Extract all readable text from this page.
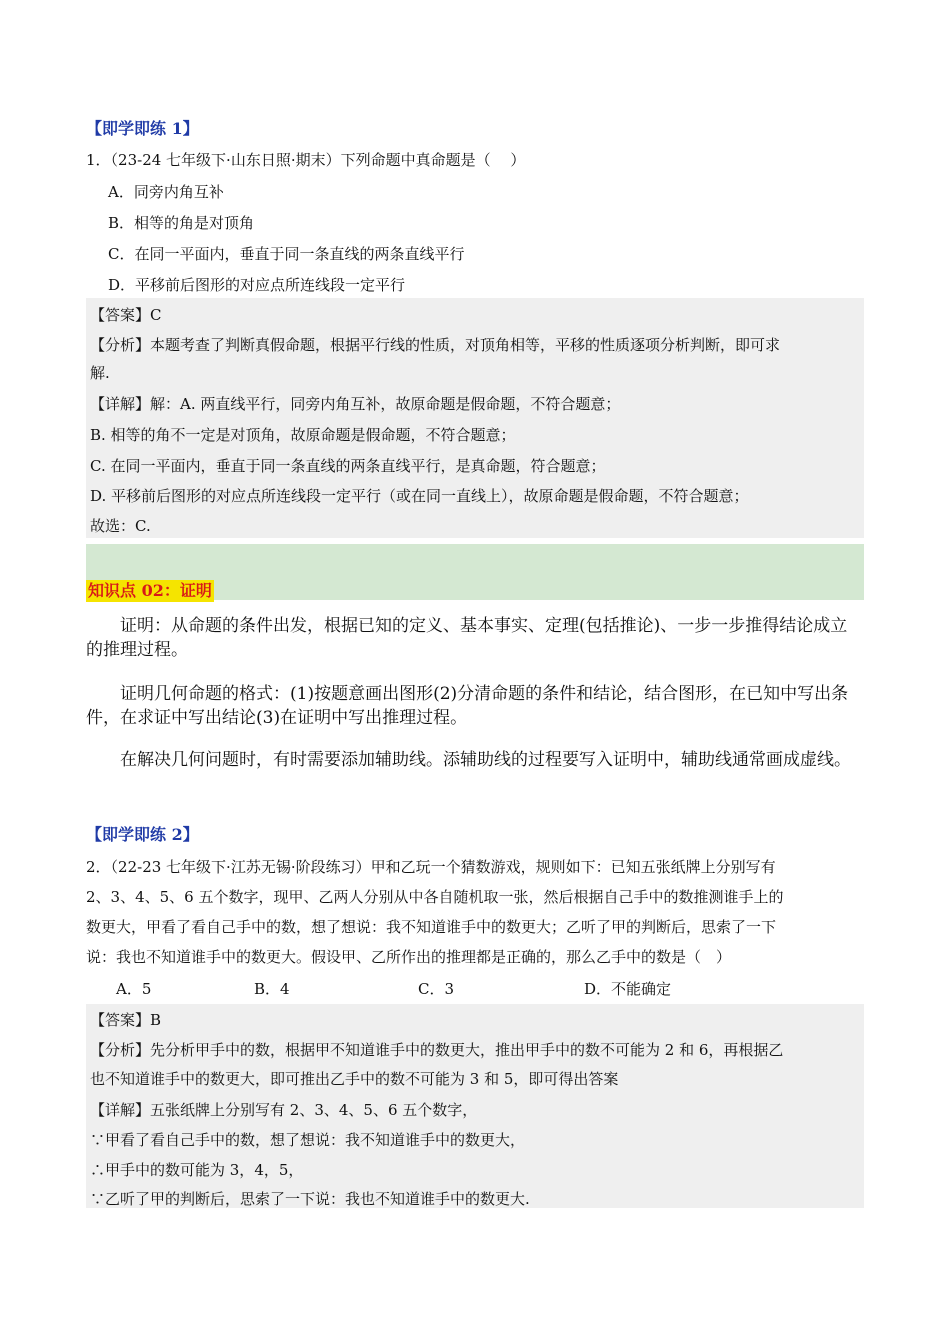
【即学即练 1】
1．（23-24 七年级下·山东日照·期末）下列命题中真命题是（　 ）
A．同旁内角互补
B．相等的角是对顶角
C．在同一平面内，垂直于同一条直线的两条直线平行
D．平移前后图形的对应点所连线段一定平行
【答案】C
【分析】本题考查了判断真假命题，根据平行线的性质，对顶角相等，平移的性质逐项分析判断，即可求
解.
【详解】解：A. 两直线平行，同旁内角互补，故原命题是假命题，不符合题意；
B. 相等的角不一定是对顶角，故原命题是假命题，不符合题意；
C. 在同一平面内，垂直于同一条直线的两条直线平行，是真命题，符合题意；
D. 平移前后图形的对应点所连线段一定平行（或在同一直线上），故原命题是假命题，不符合题意；
故选：C.
知识点 02：证明
证明：从命题的条件出发，根据已知的定义、基本事实、定理(包括推论)、一步一步推得结论成立的推理过程。
证明几何命题的格式：(1)按题意画出图形(2)分清命题的条件和结论，结合图形，在已知中写出条件，在求证中写出结论(3)在证明中写出推理过程。
在解决几何问题时，有时需要添加辅助线。添辅助线的过程要写入证明中，辅助线通常画成虚线。
【即学即练 2】
2．（22-23 七年级下·江苏无锡·阶段练习）甲和乙玩一个猜数游戏，规则如下：已知五张纸牌上分别写有
2、3、4、5、6 五个数字，现甲、乙两人分别从中各自随机取一张，然后根据自己手中的数推测谁手上的
数更大，甲看了看自己手中的数，想了想说：我不知道谁手中的数更大；乙听了甲的判断后，思索了一下
说：我也不知道谁手中的数更大。假设甲、乙所作出的推理都是正确的，那么乙手中的数是（　）
A．5	B．4	C．3	D．不能确定
【答案】B
【分析】先分析甲手中的数，根据甲不知道谁手中的数更大，推出甲手中的数不可能为 2 和 6，再根据乙
也不知道谁手中的数更大，即可推出乙手中的数不可能为 3 和 5，即可得出答案
【详解】五张纸牌上分别写有 2、3、4、5、6 五个数字，
∵甲看了看自己手中的数，想了想说：我不知道谁手中的数更大，
∴甲手中的数可能为 3，4，5，
∵乙听了甲的判断后，思索了一下说：我也不知道谁手中的数更大.
